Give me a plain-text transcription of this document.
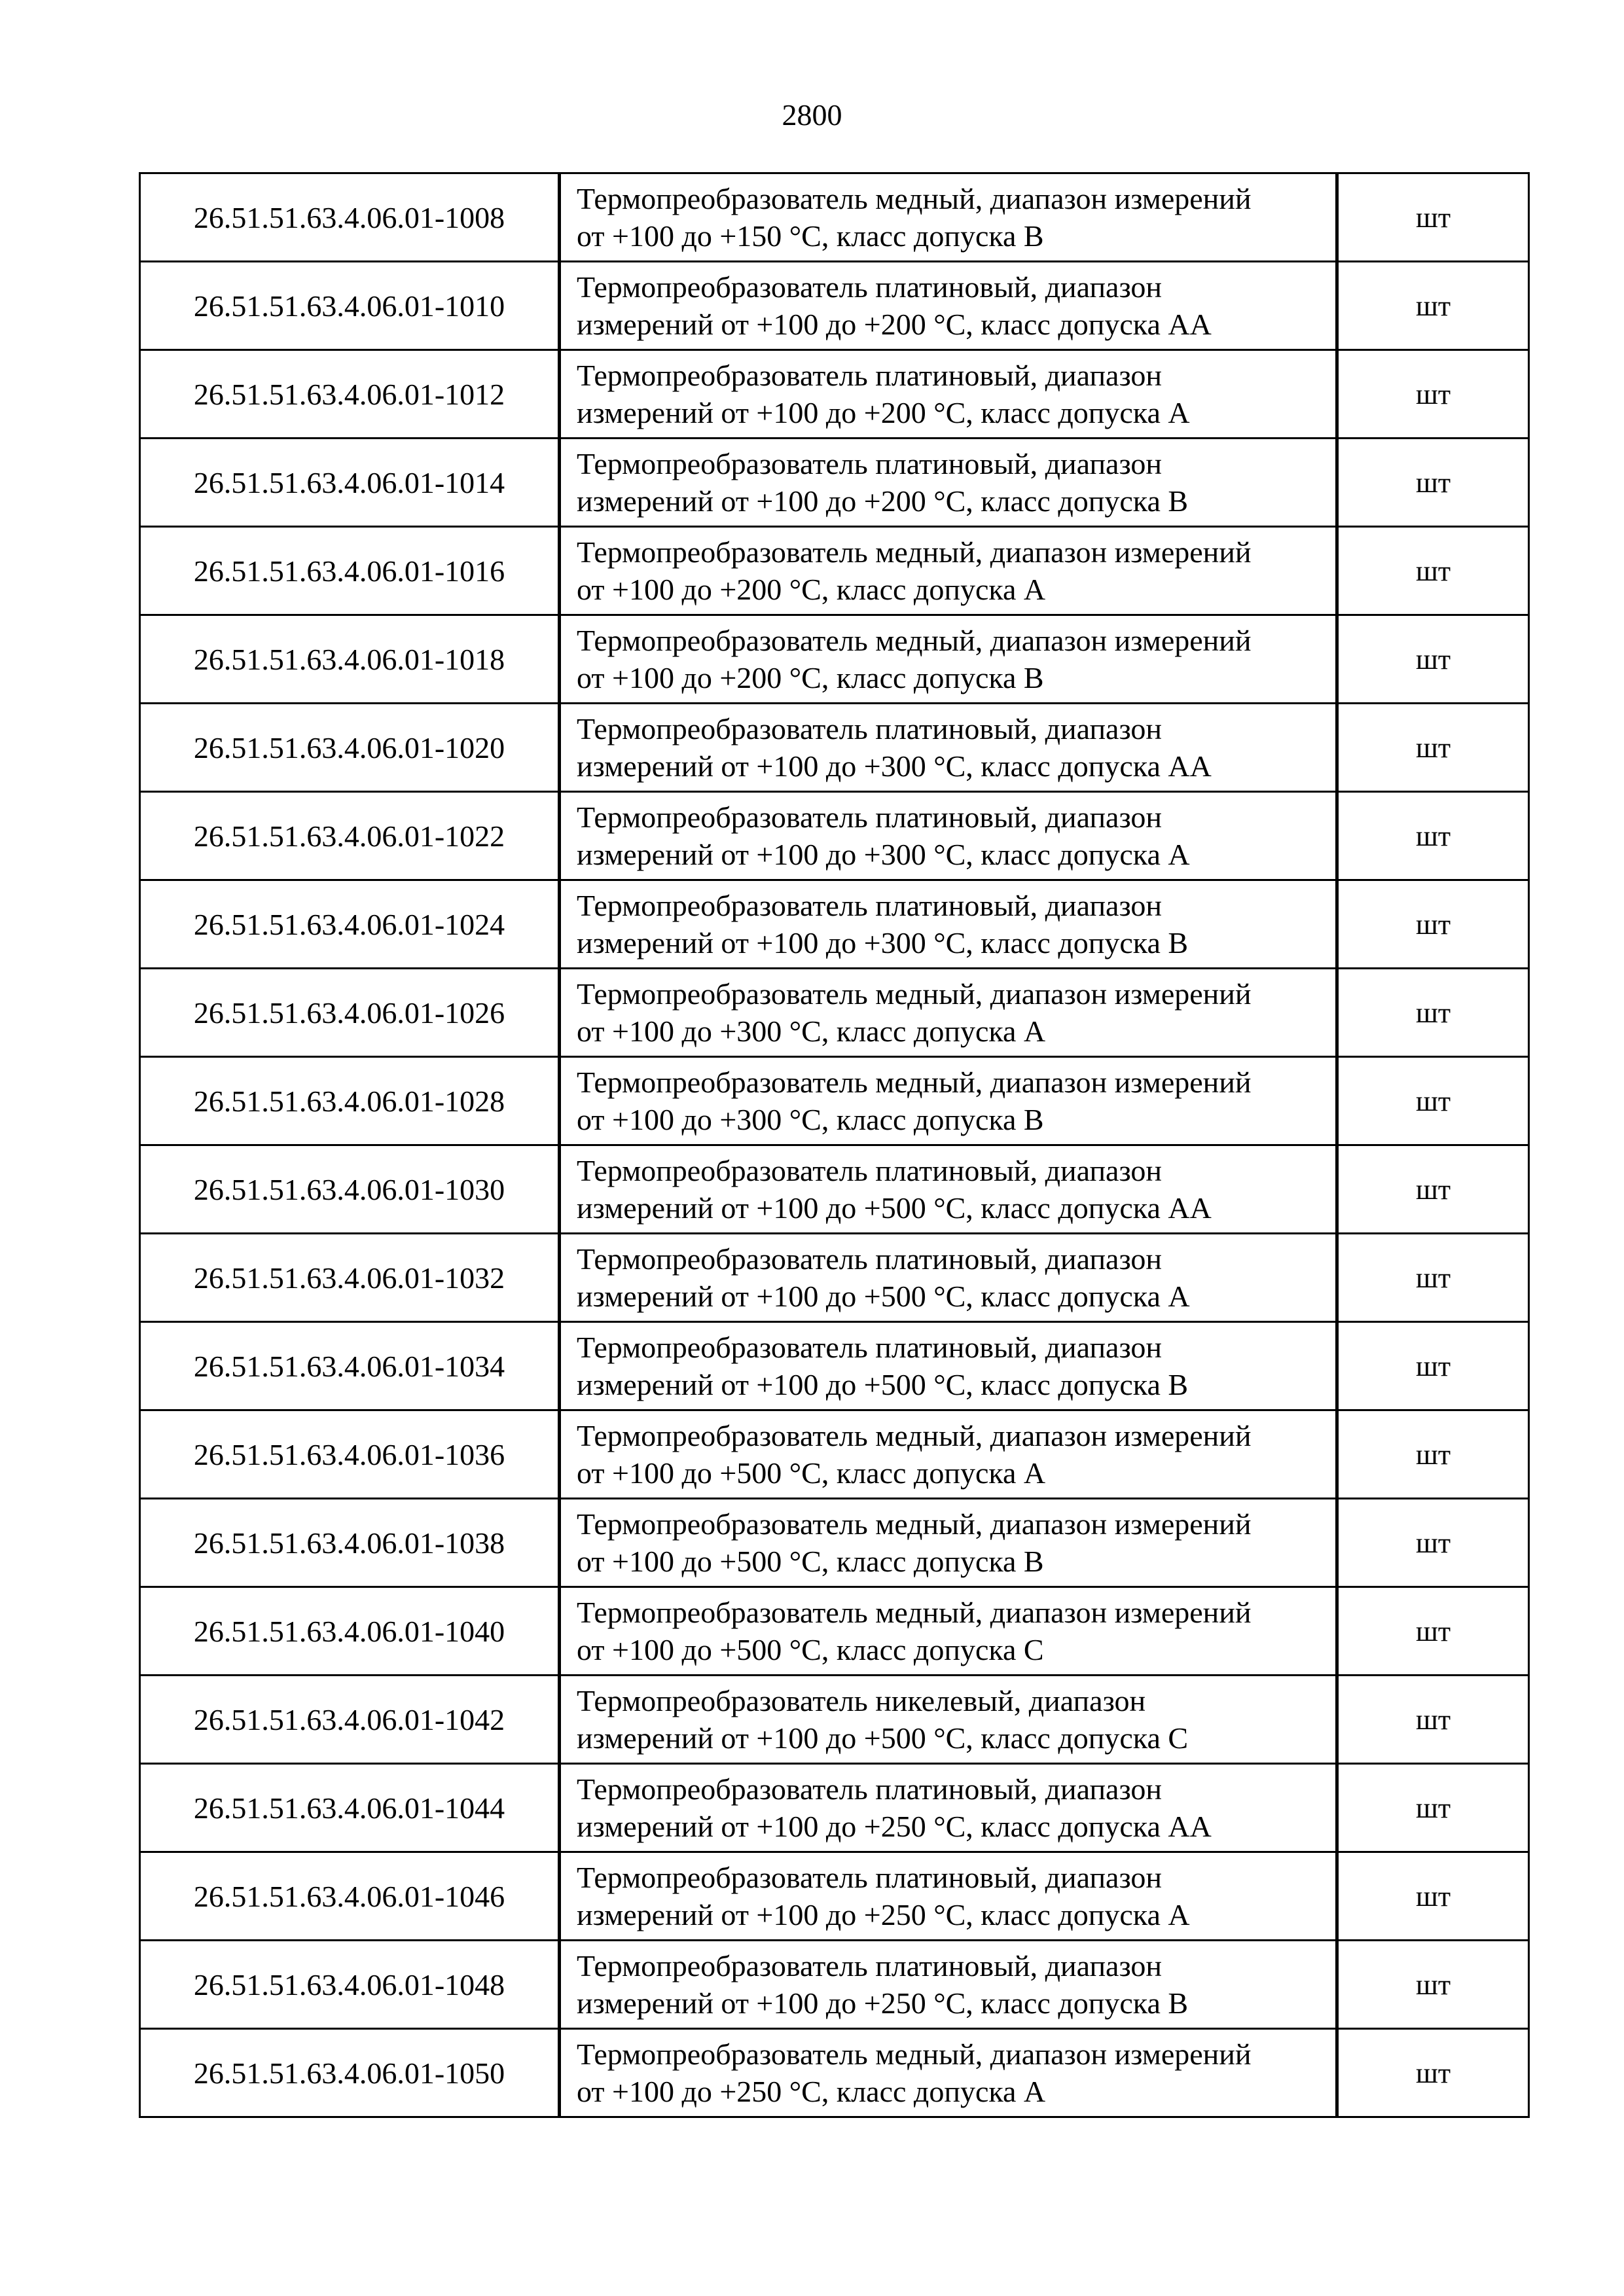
2800
26.51.51.63.4.06.01-1008	Термопреобразователь медный, диапазон измерений
от +100 до +150 °С, класс допуска В	шт
26.51.51.63.4.06.01-1010	Термопреобразователь платиновый, диапазон
измерений от +100 до +200 °С, класс допуска АА	шт
26.51.51.63.4.06.01-1012	Термопреобразователь платиновый, диапазон
измерений от +100 до +200 °С, класс допуска А	шт
26.51.51.63.4.06.01-1014	Термопреобразователь платиновый, диапазон
измерений от +100 до +200 °С, класс допуска В	шт
26.51.51.63.4.06.01-1016	Термопреобразователь медный, диапазон измерений
от +100 до +200 °С, класс допуска А	шт
26.51.51.63.4.06.01-1018	Термопреобразователь медный, диапазон измерений
от +100 до +200 °С, класс допуска В	шт
26.51.51.63.4.06.01-1020	Термопреобразователь платиновый, диапазон
измерений от +100 до +300 °С, класс допуска АА	шт
26.51.51.63.4.06.01-1022	Термопреобразователь платиновый, диапазон
измерений от +100 до +300 °С, класс допуска А	шт
26.51.51.63.4.06.01-1024	Термопреобразователь платиновый, диапазон
измерений от +100 до +300 °С, класс допуска В	шт
26.51.51.63.4.06.01-1026	Термопреобразователь медный, диапазон измерений
от +100 до +300 °С, класс допуска А	шт
26.51.51.63.4.06.01-1028	Термопреобразователь медный, диапазон измерений
от +100 до +300 °С, класс допуска В	шт
26.51.51.63.4.06.01-1030	Термопреобразователь платиновый, диапазон
измерений от +100 до +500 °С, класс допуска АА	шт
26.51.51.63.4.06.01-1032	Термопреобразователь платиновый, диапазон
измерений от +100 до +500 °С, класс допуска А	шт
26.51.51.63.4.06.01-1034	Термопреобразователь платиновый, диапазон
измерений от +100 до +500 °С, класс допуска В	шт
26.51.51.63.4.06.01-1036	Термопреобразователь медный, диапазон измерений
от +100 до +500 °С, класс допуска А	шт
26.51.51.63.4.06.01-1038	Термопреобразователь медный, диапазон измерений
от +100 до +500 °С, класс допуска В	шт
26.51.51.63.4.06.01-1040	Термопреобразователь медный, диапазон измерений
от +100 до +500 °С, класс допуска С	шт
26.51.51.63.4.06.01-1042	Термопреобразователь никелевый, диапазон
измерений от +100 до +500 °С, класс допуска С	шт
26.51.51.63.4.06.01-1044	Термопреобразователь платиновый, диапазон
измерений от +100 до +250 °С, класс допуска АА	шт
26.51.51.63.4.06.01-1046	Термопреобразователь платиновый, диапазон
измерений от +100 до +250 °С, класс допуска А	шт
26.51.51.63.4.06.01-1048	Термопреобразователь платиновый, диапазон
измерений от +100 до +250 °С, класс допуска В	шт
26.51.51.63.4.06.01-1050	Термопреобразователь медный, диапазон измерений
от +100 до +250 °С, класс допуска А	шт
